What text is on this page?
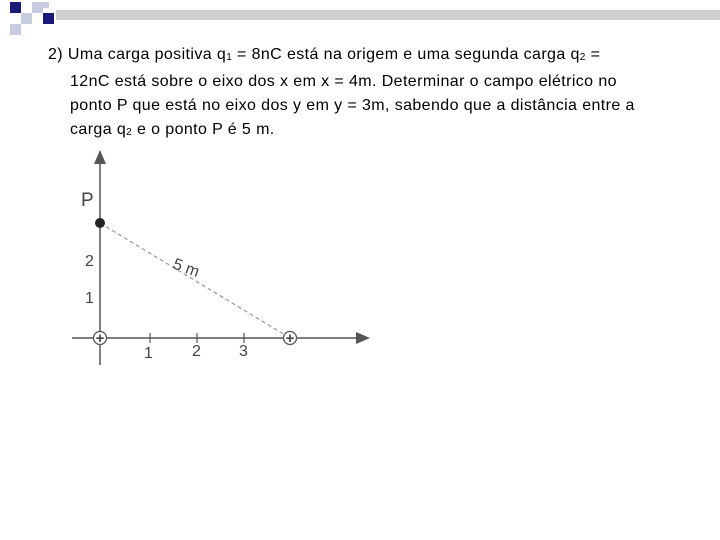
2) Uma carga positiva q1 = 8nC está na origem e uma segunda carga q2 =
12nC está sobre o eixo dos x em x = 4m. Determinar o campo elétrico no
ponto P que está no eixo dos y em y = 3m, sabendo que a distância entre a
carga q2 e o ponto P é 5 m.
P
5 m
2
1
1 2 3
+	+
